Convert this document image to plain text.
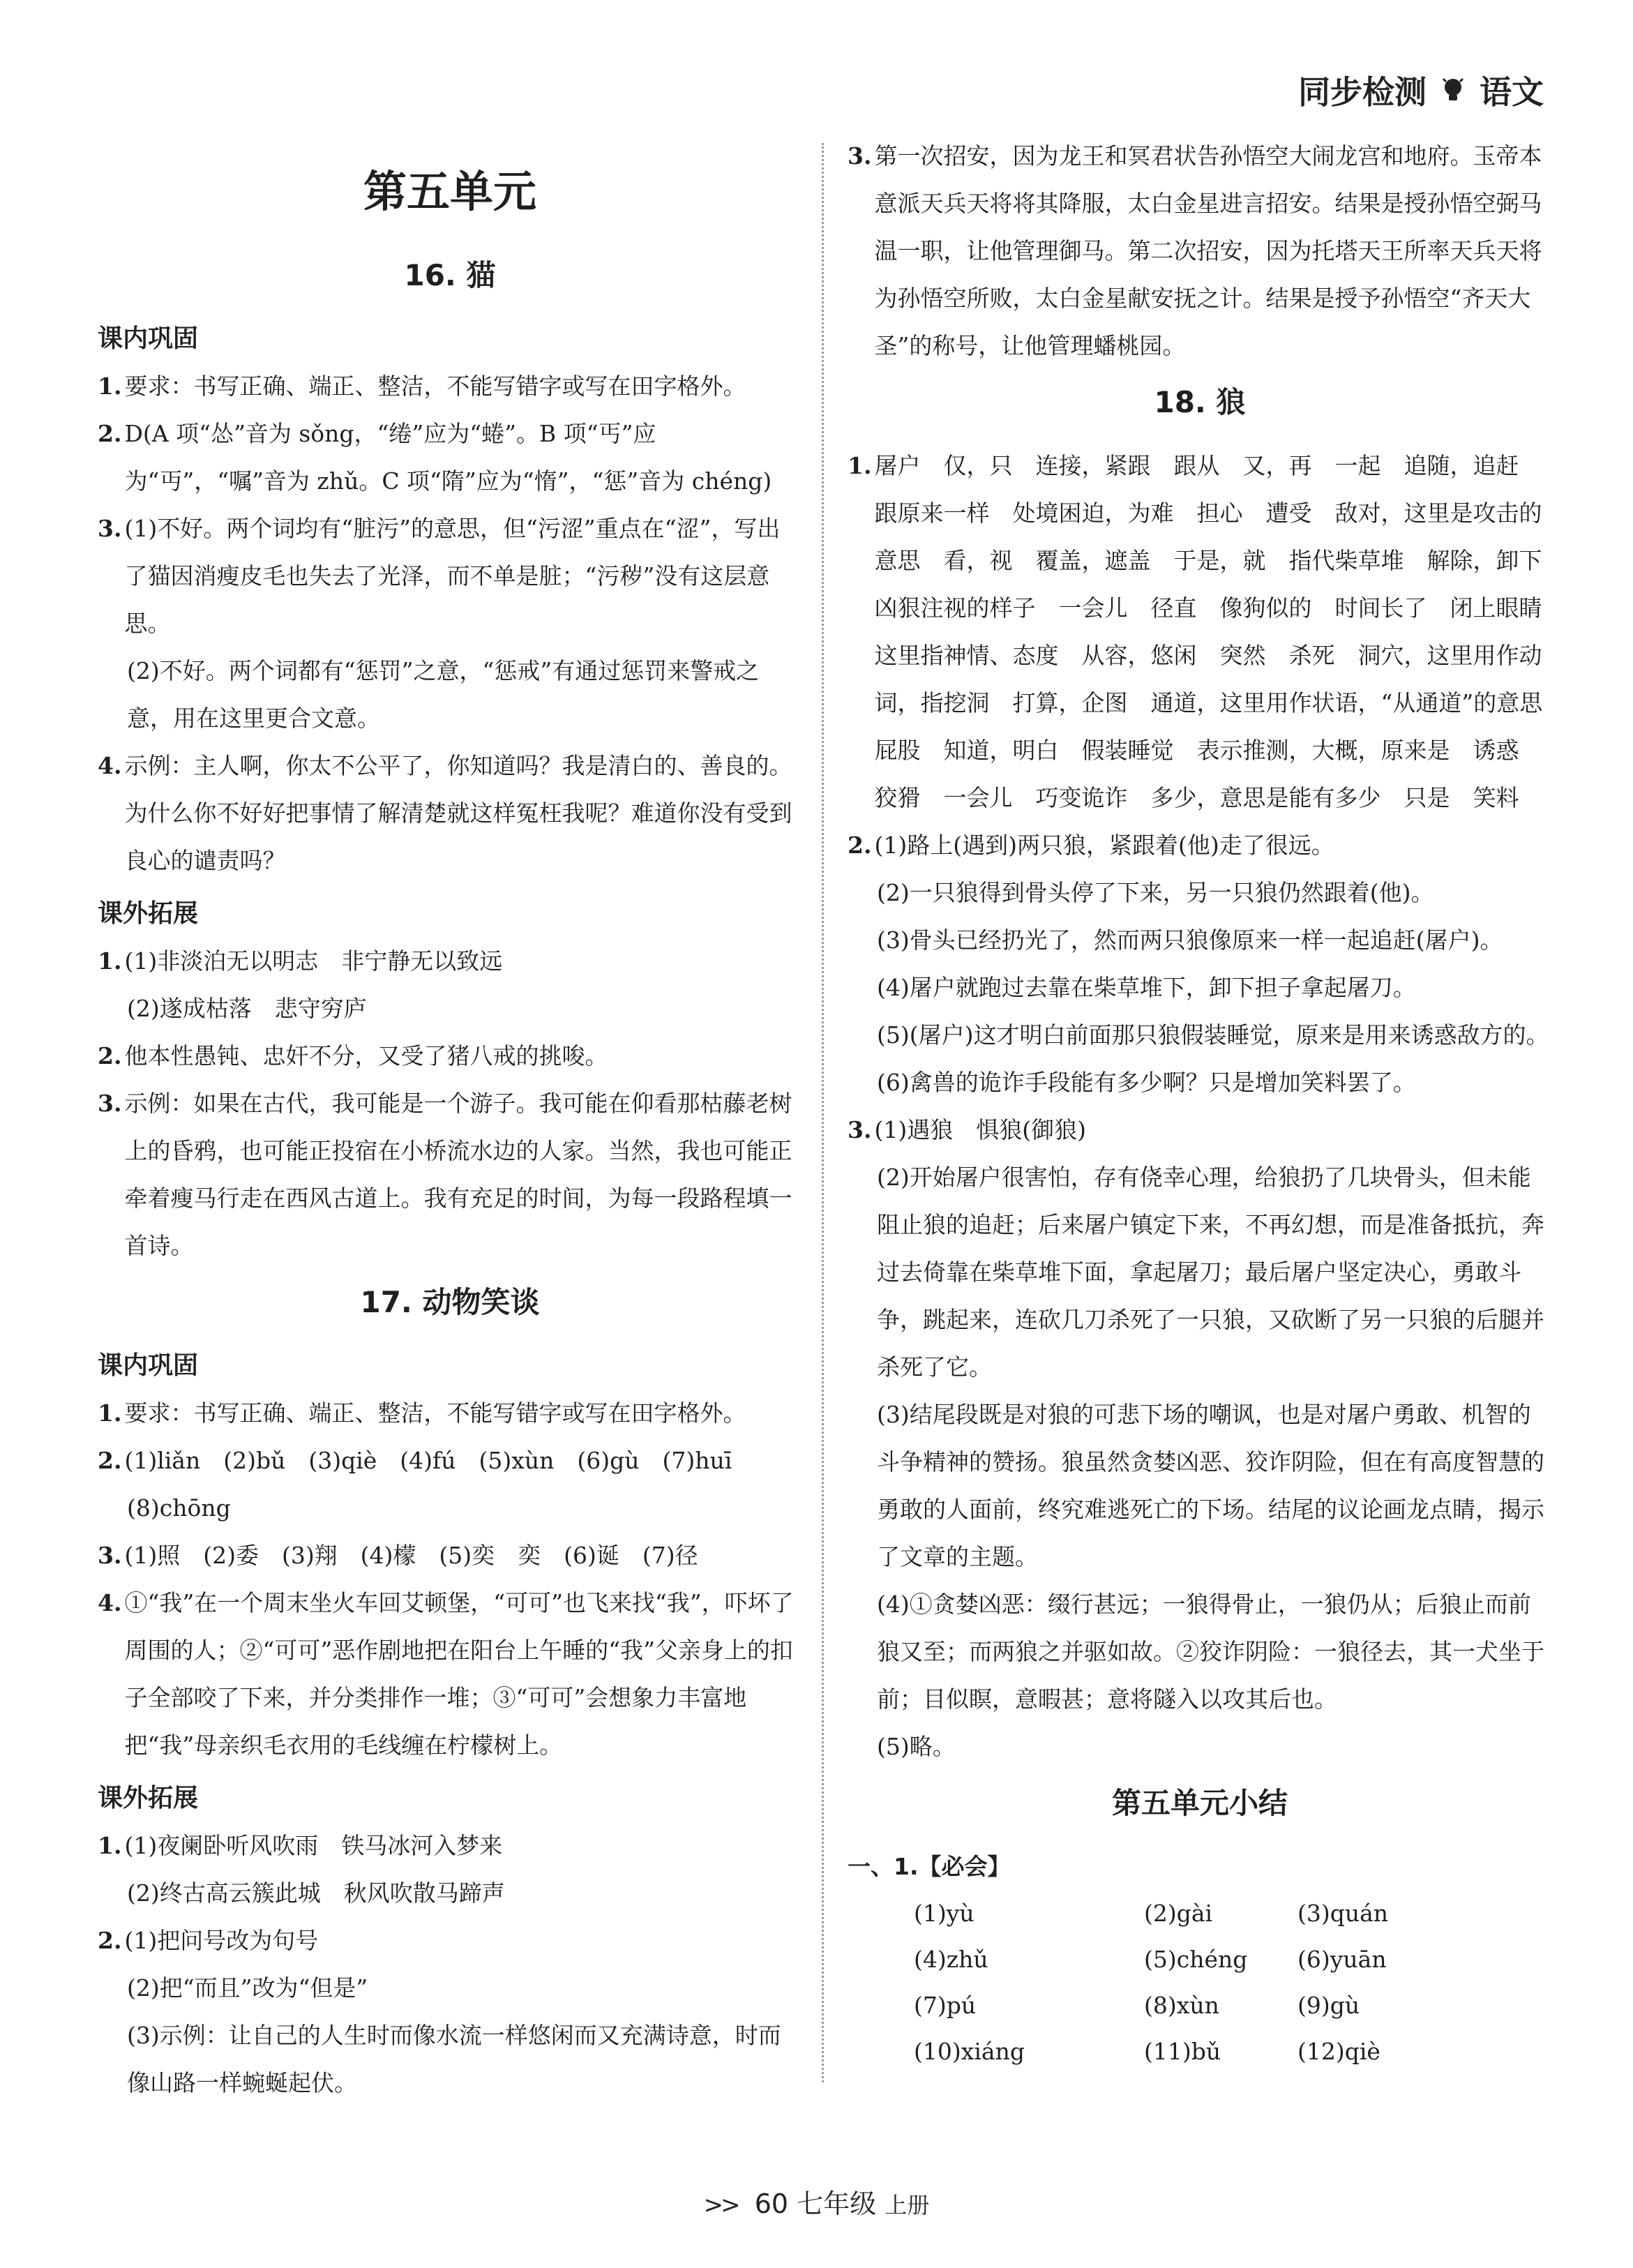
同步检测 语文
第五单元
16. 猫
课内巩固
1. 要求：书写正确、端正、整洁，不能写错字或写在田字格外。
2. D(A 项“怂”音为 sǒng，“绻”应为“蜷”。B 项“丐”应为“丏”，“嘱”音为 zhǔ。C 项“隋”应为“惰”，“惩”音为 chéng)
3. (1)不好。两个词均有“脏污”的意思，但“污涩”重点在“涩”，写出了猫因消瘦皮毛也失去了光泽，而不单是脏；“污秽”没有这层意思。
(2)不好。两个词都有“惩罚”之意，“惩戒”有通过惩罚来警戒之意，用在这里更合文意。
4. 示例：主人啊，你太不公平了，你知道吗？我是清白的、善良的。为什么你不好好把事情了解清楚就这样冤枉我呢？难道你没有受到良心的谴责吗？
课外拓展
1. (1)非淡泊无以明志　非宁静无以致远
(2)遂成枯落　悲守穷庐
2. 他本性愚钝、忠奸不分，又受了猪八戒的挑唆。
3. 示例：如果在古代，我可能是一个游子。我可能在仰看那枯藤老树上的昏鸦，也可能正投宿在小桥流水边的人家。当然，我也可能正牵着瘦马行走在西风古道上。我有充足的时间，为每一段路程填一首诗。
17. 动物笑谈
课内巩固
1. 要求：书写正确、端正、整洁，不能写错字或写在田字格外。
2. (1)liǎn　(2)bǔ　(3)qiè　(4)fú　(5)xùn　(6)gù　(7)huī
(8)chōng
3. (1)照　(2)委　(3)翔　(4)檬　(5)奕　奕　(6)诞　(7)径
4. ①“我”在一个周末坐火车回艾顿堡，“可可”也飞来找“我”，吓坏了周围的人；②“可可”恶作剧地把在阳台上午睡的“我”父亲身上的扣子全部咬了下来，并分类排作一堆；③“可可”会想象力丰富地把“我”母亲织毛衣用的毛线缠在柠檬树上。
课外拓展
1. (1)夜阑卧听风吹雨　铁马冰河入梦来
(2)终古高云簇此城　秋风吹散马蹄声
2. (1)把问号改为句号
(2)把“而且”改为“但是”
(3)示例：让自己的人生时而像水流一样悠闲而又充满诗意，时而像山路一样蜿蜒起伏。
3. 第一次招安，因为龙王和冥君状告孙悟空大闹龙宫和地府。玉帝本意派天兵天将将其降服，太白金星进言招安。结果是授孙悟空弼马温一职，让他管理御马。第二次招安，因为托塔天王所率天兵天将为孙悟空所败，太白金星献安抚之计。结果是授予孙悟空“齐天大圣”的称号，让他管理蟠桃园。
18. 狼
1. 屠户　仅，只　连接，紧跟　跟从　又，再　一起　追随，追赶　跟原来一样　处境困迫，为难　担心　遭受　敌对，这里是攻击的意思　看，视　覆盖，遮盖　于是，就　指代柴草堆　解除，卸下　凶狠注视的样子　一会儿　径直　像狗似的　时间长了　闭上眼睛　这里指神情、态度　从容，悠闲　突然　杀死　洞穴，这里用作动词，指挖洞　打算，企图　通道，这里用作状语，“从通道”的意思　屁股　知道，明白　假装睡觉　表示推测，大概，原来是　诱惑　狡猾　一会儿　巧变诡诈　多少，意思是能有多少　只是　笑料
2. (1)路上(遇到)两只狼，紧跟着(他)走了很远。
(2)一只狼得到骨头停了下来，另一只狼仍然跟着(他)。
(3)骨头已经扔光了，然而两只狼像原来一样一起追赶(屠户)。
(4)屠户就跑过去靠在柴草堆下，卸下担子拿起屠刀。
(5)(屠户)这才明白前面那只狼假装睡觉，原来是用来诱惑敌方的。
(6)禽兽的诡诈手段能有多少啊？只是增加笑料罢了。
3. (1)遇狼　惧狼(御狼)
(2)开始屠户很害怕，存有侥幸心理，给狼扔了几块骨头，但未能阻止狼的追赶；后来屠户镇定下来，不再幻想，而是准备抵抗，奔过去倚靠在柴草堆下面，拿起屠刀；最后屠户坚定决心，勇敢斗争，跳起来，连砍几刀杀死了一只狼，又砍断了另一只狼的后腿并杀死了它。
(3)结尾段既是对狼的可悲下场的嘲讽，也是对屠户勇敢、机智的斗争精神的赞扬。狼虽然贪婪凶恶、狡诈阴险，但在有高度智慧的勇敢的人面前，终究难逃死亡的下场。结尾的议论画龙点睛，揭示了文章的主题。
(4)①贪婪凶恶：缀行甚远；一狼得骨止，一狼仍从；后狼止而前狼又至；而两狼之并驱如故。②狡诈阴险：一狼径去，其一犬坐于前；目似瞑，意暇甚；意将隧入以攻其后也。
(5)略。
第五单元小结
一、1.【必会】
(1)yù	(2)gài	(3)quán
(4)zhǔ	(5)chéng	(6)yuān
(7)pú	(8)xùn	(9)gù
(10)xiáng	(11)bǔ	(12)qiè
>> 60 七年级 上册
